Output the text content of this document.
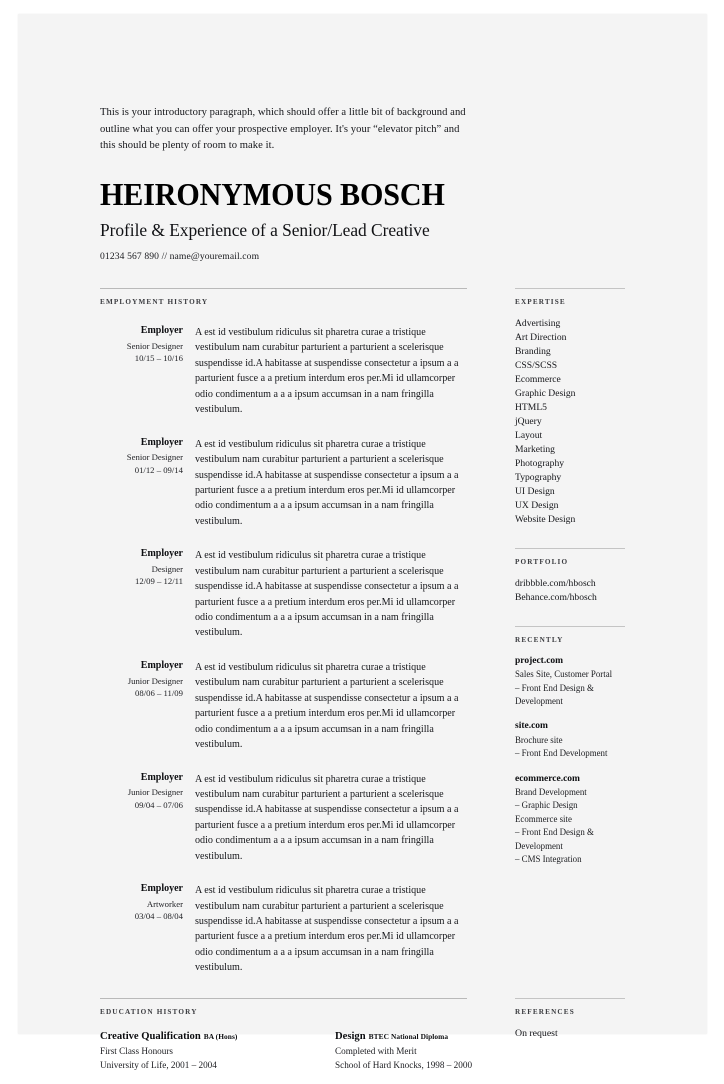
This is your introductory paragraph, which should offer a little bit of background and outline what you can offer your prospective employer. It's your “elevator pitch” and this should be plenty of room to make it.

HEIRONYMOUS BOSCH
Profile & Experience of a Senior/Lead Creative
01234 567 890 // name@youremail.com
EMPLOYMENT HISTORY
Employer
Senior Designer
10/15 – 10/16
A est id vestibulum ridiculus sit pharetra curae a tristique vestibulum nam curabitur parturient a parturient a scelerisque suspendisse id.A habitasse at suspendisse consectetur a ipsum a a parturient fusce a a pretium interdum eros per.Mi id ullamcorper odio condimentum a a a ipsum accumsan in a nam fringilla vestibulum.
Employer
Senior Designer
01/12 – 09/14
A est id vestibulum ridiculus sit pharetra curae a tristique vestibulum nam curabitur parturient a parturient a scelerisque suspendisse id.A habitasse at suspendisse consectetur a ipsum a a parturient fusce a a pretium interdum eros per.Mi id ullamcorper odio condimentum a a a ipsum accumsan in a nam fringilla vestibulum.
Employer
Designer
12/09 – 12/11
A est id vestibulum ridiculus sit pharetra curae a tristique vestibulum nam curabitur parturient a parturient a scelerisque suspendisse id.A habitasse at suspendisse consectetur a ipsum a a parturient fusce a a pretium interdum eros per.Mi id ullamcorper odio condimentum a a a ipsum accumsan in a nam fringilla vestibulum.
Employer
Junior Designer
08/06 – 11/09
A est id vestibulum ridiculus sit pharetra curae a tristique vestibulum nam curabitur parturient a parturient a scelerisque suspendisse id.A habitasse at suspendisse consectetur a ipsum a a parturient fusce a a pretium interdum eros per.Mi id ullamcorper odio condimentum a a a ipsum accumsan in a nam fringilla vestibulum.
Employer
Junior Designer
09/04 – 07/06
A est id vestibulum ridiculus sit pharetra curae a tristique vestibulum nam curabitur parturient a parturient a scelerisque suspendisse id.A habitasse at suspendisse consectetur a ipsum a a parturient fusce a a pretium interdum eros per.Mi id ullamcorper odio condimentum a a a ipsum accumsan in a nam fringilla vestibulum.
Employer
Artworker
03/04 – 08/04
A est id vestibulum ridiculus sit pharetra curae a tristique vestibulum nam curabitur parturient a parturient a scelerisque suspendisse id.A habitasse at suspendisse consectetur a ipsum a a parturient fusce a a pretium interdum eros per.Mi id ullamcorper odio condimentum a a a ipsum accumsan in a nam fringilla vestibulum.
EXPERTISE
Advertising
Art Direction
Branding
CSS/SCSS
Ecommerce
Graphic Design
HTML5
jQuery
Layout
Marketing
Photography
Typography
UI Design
UX Design
Website Design
PORTFOLIO
dribbble.com/hbosch
Behance.com/hbosch
RECENTLY
project.com
Sales Site, Customer Portal
– Front End Design &
Development
site.com
Brochure site
– Front End Development
ecommerce.com
Brand Development
– Graphic Design
Ecommerce site
– Front End Design &
Development
– CMS Integration
EDUCATION HISTORY
Creative Qualification BA (Hons)
First Class Honours
University of Life, 2001 – 2004
Design BTEC National Diploma
Completed with Merit
School of Hard Knocks, 1998 – 2000
REFERENCES
On request
